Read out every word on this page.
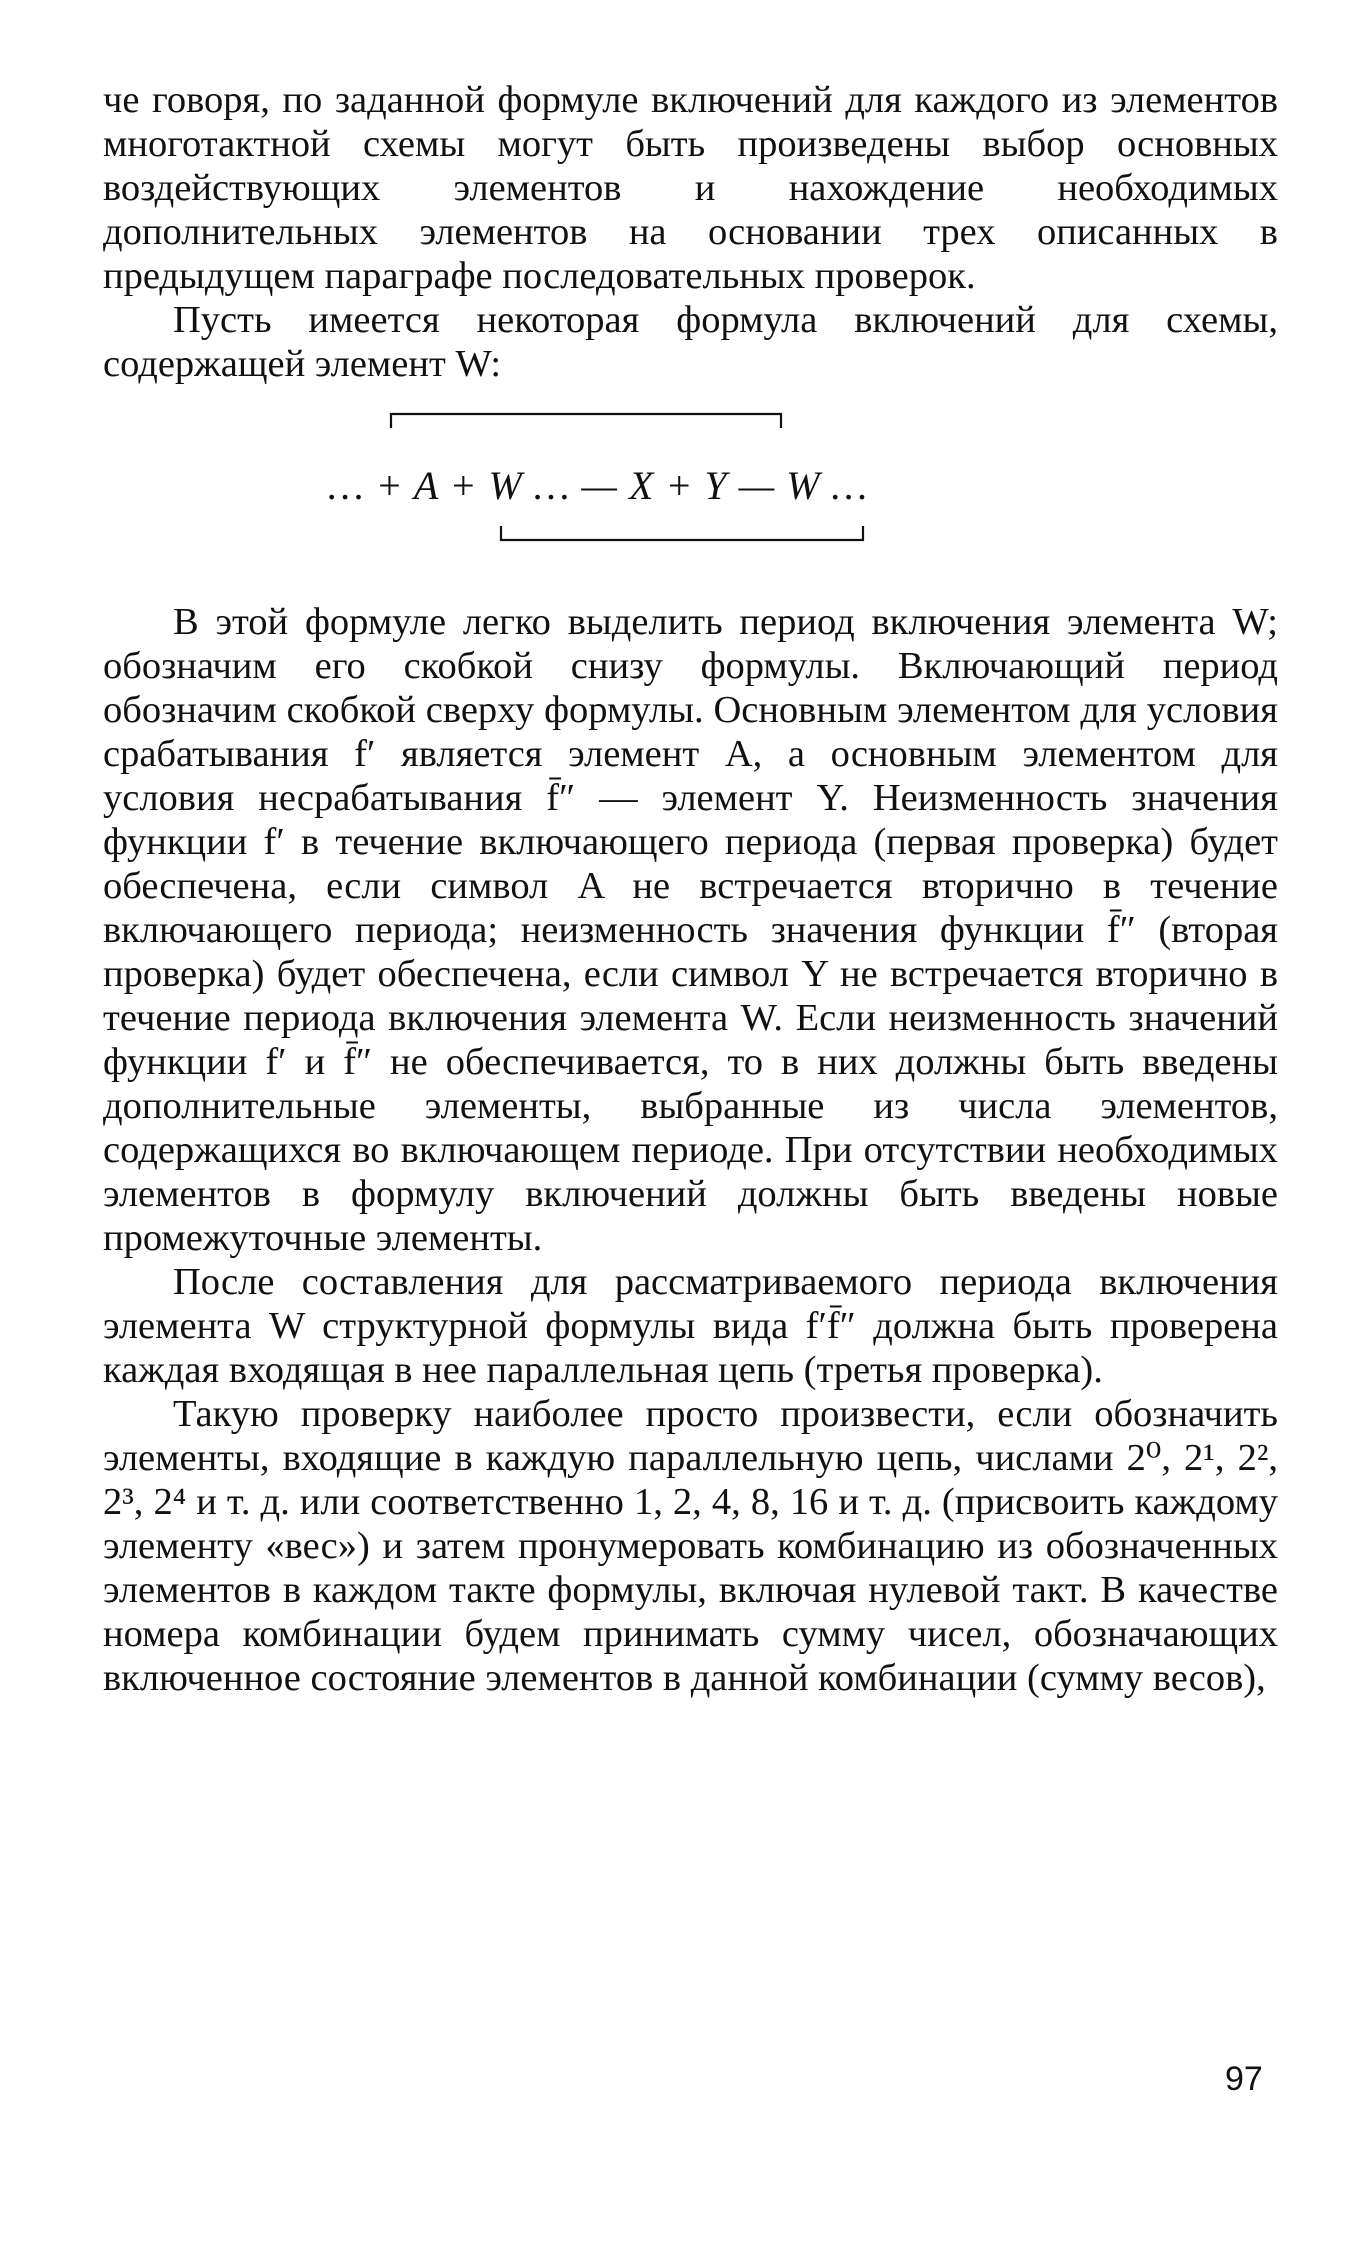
че говоря, по заданной формуле включений для каждого из элементов многотактной схемы могут быть произведены выбор основных воздействующих элементов и нахождение необходимых дополнительных элементов на основании трех описанных в предыдущем параграфе последовательных проверок.

Пусть имеется некоторая формула включений для схемы, содержащей элемент W:

… + A + W … — X + Y — W …

В этой формуле легко выделить период включения элемента W; обозначим его скобкой снизу формулы. Включающий период обозначим скобкой сверху формулы. Основным элементом для условия срабатывания f′ является элемент A, а основным элементом для условия несрабатывания f̄″ — элемент Y. Неизменность значения функции f′ в течение включающего периода (первая проверка) будет обеспечена, если символ A не встречается вторично в течение включающего периода; неизменность значения функции f̄″ (вторая проверка) будет обеспечена, если символ Y не встречается вторично в течение периода включения элемента W. Если неизменность значений функции f′ и f̄″ не обеспечивается, то в них должны быть введены дополнительные элементы, выбранные из числа элементов, содержащихся во включающем периоде. При отсутствии необходимых элементов в формулу включений должны быть введены новые промежуточные элементы.

После составления для рассматриваемого периода включения элемента W структурной формулы вида f′f̄″ должна быть проверена каждая входящая в нее параллельная цепь (третья проверка).

Такую проверку наиболее просто произвести, если обозначить элементы, входящие в каждую параллельную цепь, числами 2⁰, 2¹, 2², 2³, 2⁴ и т. д. или соответственно 1, 2, 4, 8, 16 и т. д. (присвоить каждому элементу «вес») и затем пронумеровать комбинацию из обозначенных элементов в каждом такте формулы, включая нулевой такт. В качестве номера комбинации будем принимать сумму чисел, обозначающих включенное состояние элементов в данной комбинации (сумму весов),

97
